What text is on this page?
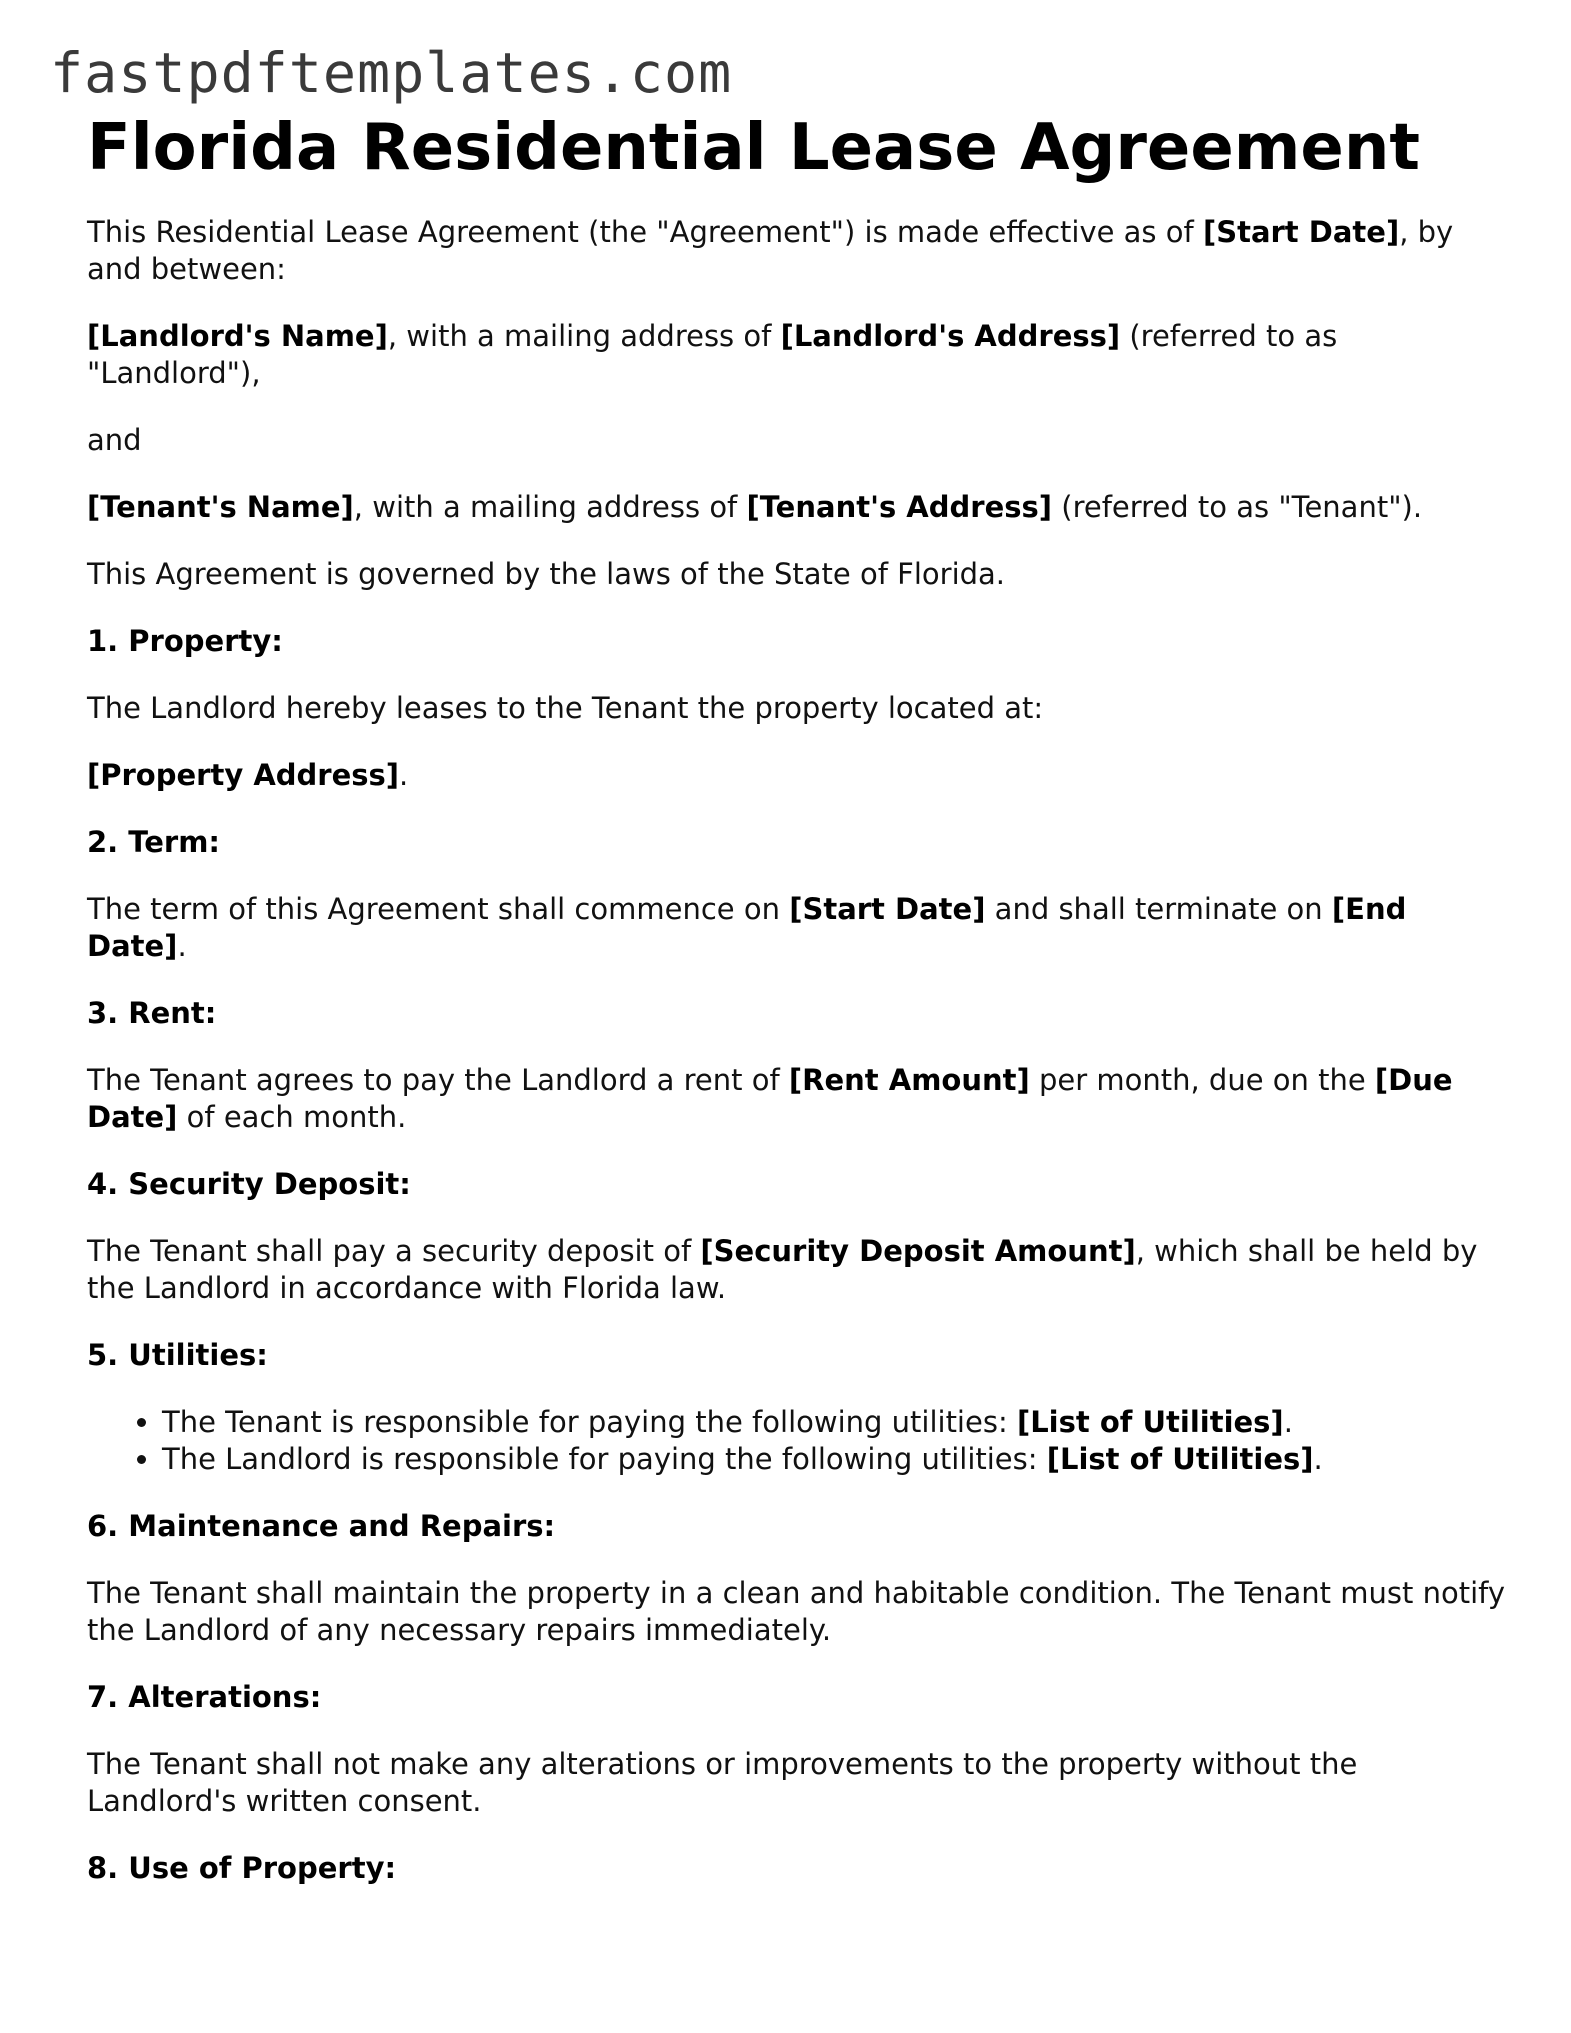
fastpdftemplates.com
Florida Residential Lease Agreement

This Residential Lease Agreement (the "Agreement") is made effective as of [Start Date], by and between:

[Landlord's Name], with a mailing address of [Landlord's Address] (referred to as "Landlord"),

and

[Tenant's Name], with a mailing address of [Tenant's Address] (referred to as "Tenant").

This Agreement is governed by the laws of the State of Florida.

1. Property:

The Landlord hereby leases to the Tenant the property located at:

[Property Address].

2. Term:

The term of this Agreement shall commence on [Start Date] and shall terminate on [End Date].

3. Rent:

The Tenant agrees to pay the Landlord a rent of [Rent Amount] per month, due on the [Due Date] of each month.

4. Security Deposit:

The Tenant shall pay a security deposit of [Security Deposit Amount], which shall be held by the Landlord in accordance with Florida law.

5. Utilities:

• The Tenant is responsible for paying the following utilities: [List of Utilities].
• The Landlord is responsible for paying the following utilities: [List of Utilities].

6. Maintenance and Repairs:

The Tenant shall maintain the property in a clean and habitable condition. The Tenant must notify the Landlord of any necessary repairs immediately.

7. Alterations:

The Tenant shall not make any alterations or improvements to the property without the Landlord's written consent.

8. Use of Property:
